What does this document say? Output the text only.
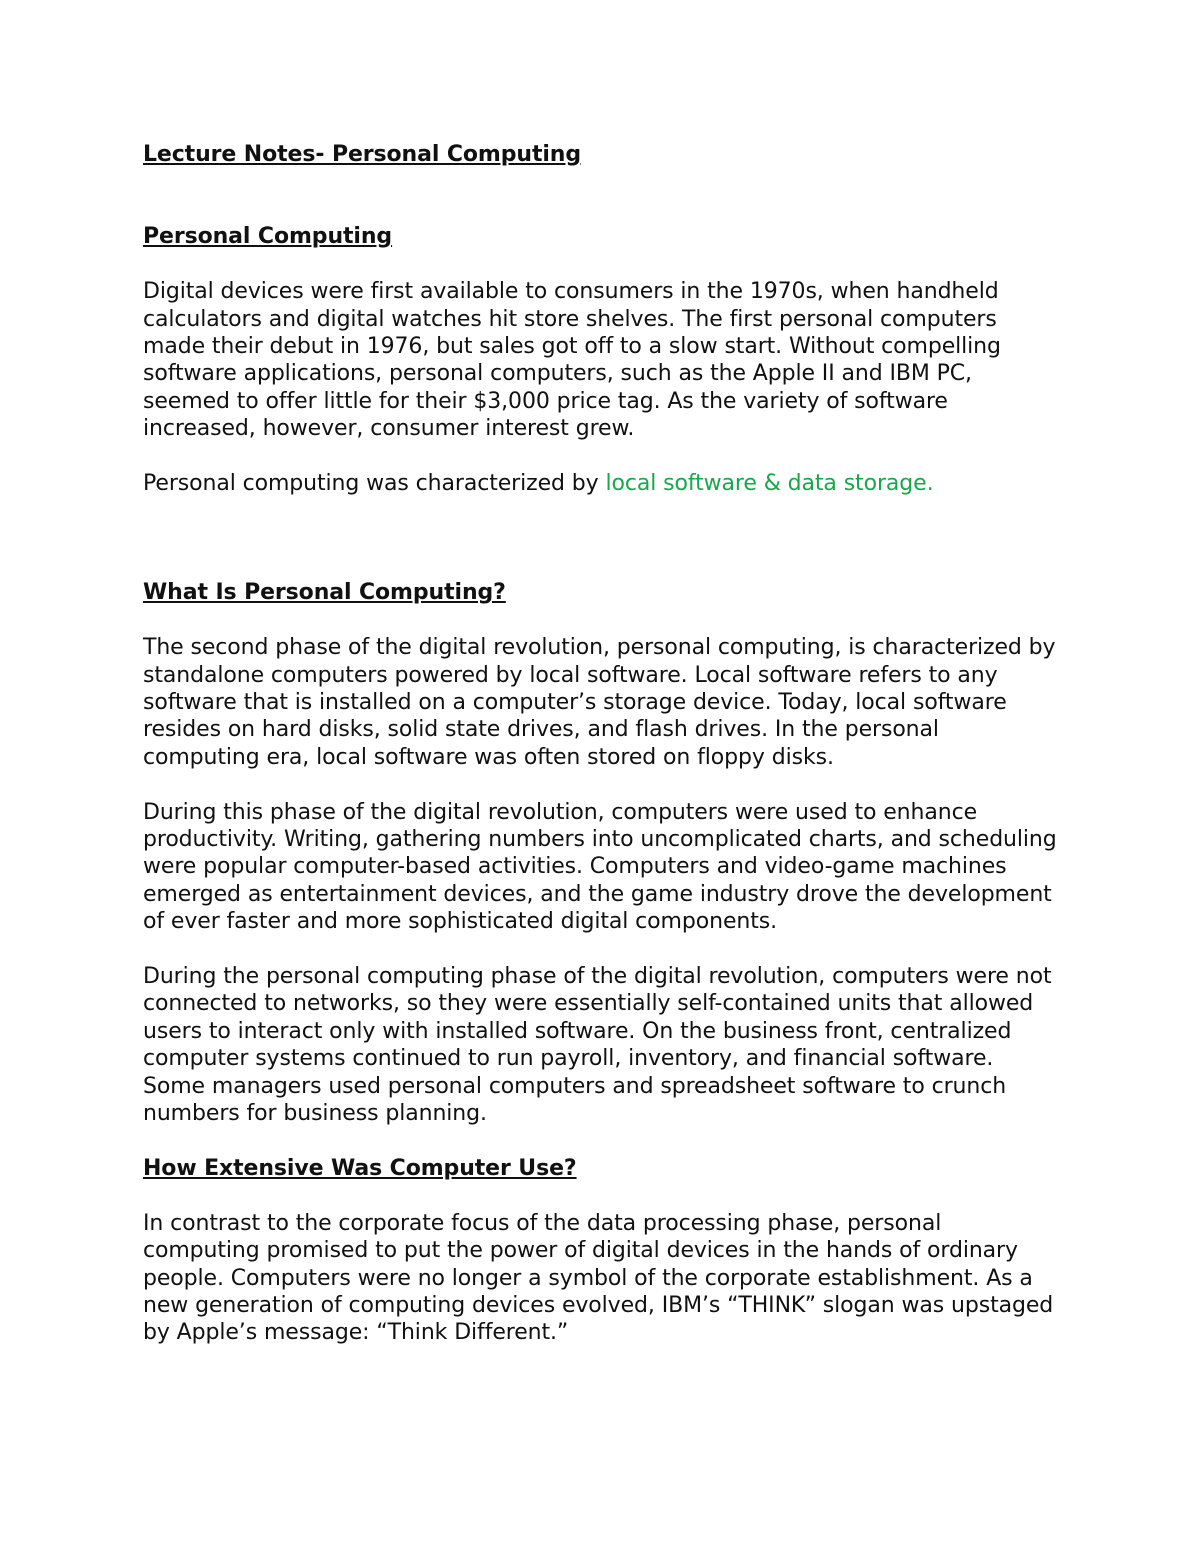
Lecture Notes- Personal Computing
Personal Computing

Digital devices were first available to consumers in the 1970s, when handheld calculators and digital watches hit store shelves. The first personal computers made their debut in 1976, but sales got off to a slow start. Without compelling software applications, personal computers, such as the Apple II and IBM PC, seemed to offer little for their $3,000 price tag. As the variety of software increased, however, consumer interest grew.

Personal computing was characterized by local software & data storage.

What Is Personal Computing?

The second phase of the digital revolution, personal computing, is characterized by standalone computers powered by local software. Local software refers to any software that is installed on a computer’s storage device. Today, local software resides on hard disks, solid state drives, and flash drives. In the personal computing era, local software was often stored on floppy disks.

During this phase of the digital revolution, computers were used to enhance productivity. Writing, gathering numbers into uncomplicated charts, and scheduling were popular computer-based activities. Computers and video-game machines emerged as entertainment devices, and the game industry drove the development of ever faster and more sophisticated digital components.

During the personal computing phase of the digital revolution, computers were not connected to networks, so they were essentially self-contained units that allowed users to interact only with installed software. On the business front, centralized computer systems continued to run payroll, inventory, and financial software. Some managers used personal computers and spreadsheet software to crunch numbers for business planning.

How Extensive Was Computer Use?

In contrast to the corporate focus of the data processing phase, personal computing promised to put the power of digital devices in the hands of ordinary people. Computers were no longer a symbol of the corporate establishment. As a new generation of computing devices evolved, IBM’s “THINK” slogan was upstaged by Apple’s message: “Think Different.”
